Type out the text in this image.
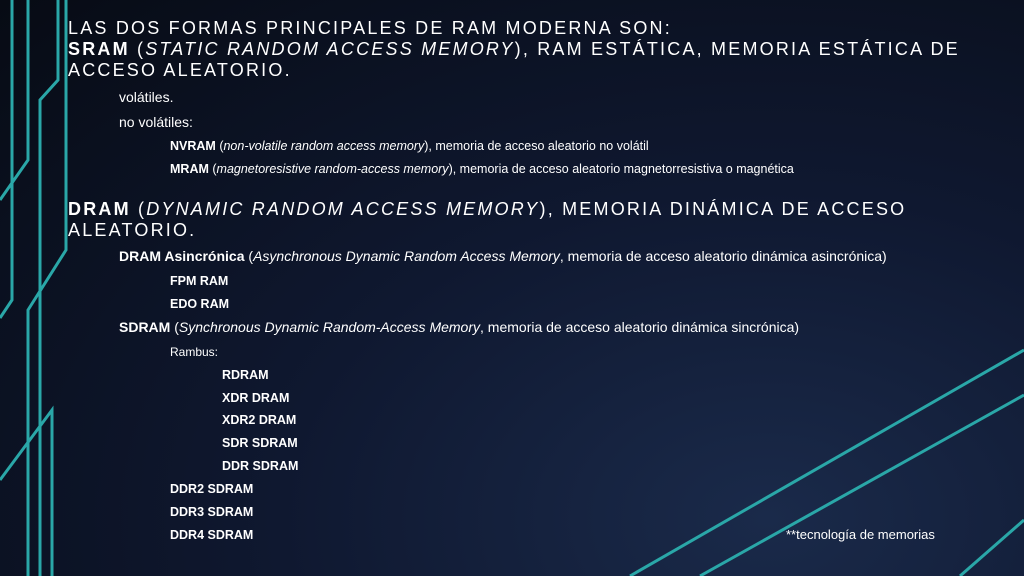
LAS DOS FORMAS PRINCIPALES DE RAM MODERNA SON:
SRAM (STATIC RANDOM ACCESS MEMORY), RAM ESTÁTICA, MEMORIA ESTÁTICA DE ACCESO ALEATORIO.
volátiles.
no volátiles:
NVRAM (non-volatile random access memory), memoria de acceso aleatorio no volátil
MRAM (magnetoresistive random-access memory), memoria de acceso aleatorio magnetorresistiva o magnética
DRAM (DYNAMIC RANDOM ACCESS MEMORY), MEMORIA DINÁMICA DE ACCESO ALEATORIO.
DRAM Asincrónica (Asynchronous Dynamic Random Access Memory, memoria de acceso aleatorio dinámica asincrónica)
FPM RAM
EDO RAM
SDRAM (Synchronous Dynamic Random-Access Memory, memoria de acceso aleatorio dinámica sincrónica)
Rambus:
RDRAM
XDR DRAM
XDR2 DRAM
SDR SDRAM
DDR SDRAM
DDR2 SDRAM
DDR3 SDRAM
DDR4 SDRAM	**tecnología de memorias
